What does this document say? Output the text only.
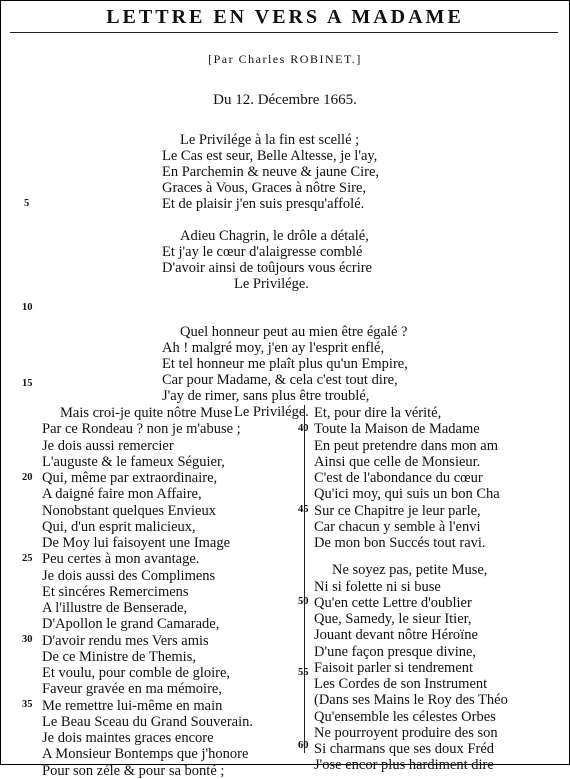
LETTRE EN VERS A MADAME
[Par Charles ROBINET.]
Du 12. Décembre 1665.
Le Privilége à la fin est scellé ;
Le Cas est seur, Belle Altesse, je l'ay,
En Parchemin & neuve & jaune Cire,
Graces à Vous, Graces à nôtre Sire,
Et de plaisir j'en suis presqu'affolé.
Adieu Chagrin, le drôle a détalé,
Et j'ay le cœur d'alaigresse comblé
D'avoir ainsi de toûjours vous écrire
Le Privilége.
Quel honneur peut au mien être égalé ?
Ah ! malgré moy, j'en ay l'esprit enflé,
Et tel honneur me plaît plus qu'un Empire,
Car pour Madame, & cela c'est tout dire,
J'ay de rimer, sans plus être troublé,
Le Privilége.
5
10
15
Mais croi-je quite nôtre Muse
Par ce Rondeau ? non je m'abuse ;
Je dois aussi remercier
L'auguste & le fameux Séguier,
Qui, même par extraordinaire,
A daigné faire mon Affaire,
Nonobstant quelques Envieux
Qui, d'un esprit malicieux,
De Moy lui faisoyent une Image
Peu certes à mon avantage.
Je dois aussi des Complimens
Et sincéres Remercimens
A l'illustre de Benserade,
D'Apollon le grand Camarade,
D'avoir rendu mes Vers amis
De ce Ministre de Themis,
Et voulu, pour comble de gloire,
Faveur gravée en ma mémoire,
Me remettre lui-même en main
Le Beau Sceau du Grand Souverain.
Je dois maintes graces encore
A Monsieur Bontemps que j'honore
Pour son zéle & pour sa bonté ;
20
25
30
35
Et, pour dire la vérité,
Toute la Maison de Madame
En peut pretendre dans mon am
Ainsi que celle de Monsieur.
C'est de l'abondance du cœur
Qu'ici moy, qui suis un bon Cha
Sur ce Chapitre je leur parle,
Car chacun y semble à l'envi
De mon bon Succés tout ravi.
Ne soyez pas, petite Muse,
Ni si folette ni si buse
Qu'en cette Lettre d'oublier
Que, Samedy, le sieur Itier,
Jouant devant nôtre Héroïne
D'une façon presque divine,
Faisoit parler si tendrement
Les Cordes de son Instrument
(Dans ses Mains le Roy des Théo
Qu'ensemble les célestes Orbes
Ne pourroyent produire des son
Si charmans que ses doux Fréd
J'ose encor plus hardiment dire
40
45
50
55
60
